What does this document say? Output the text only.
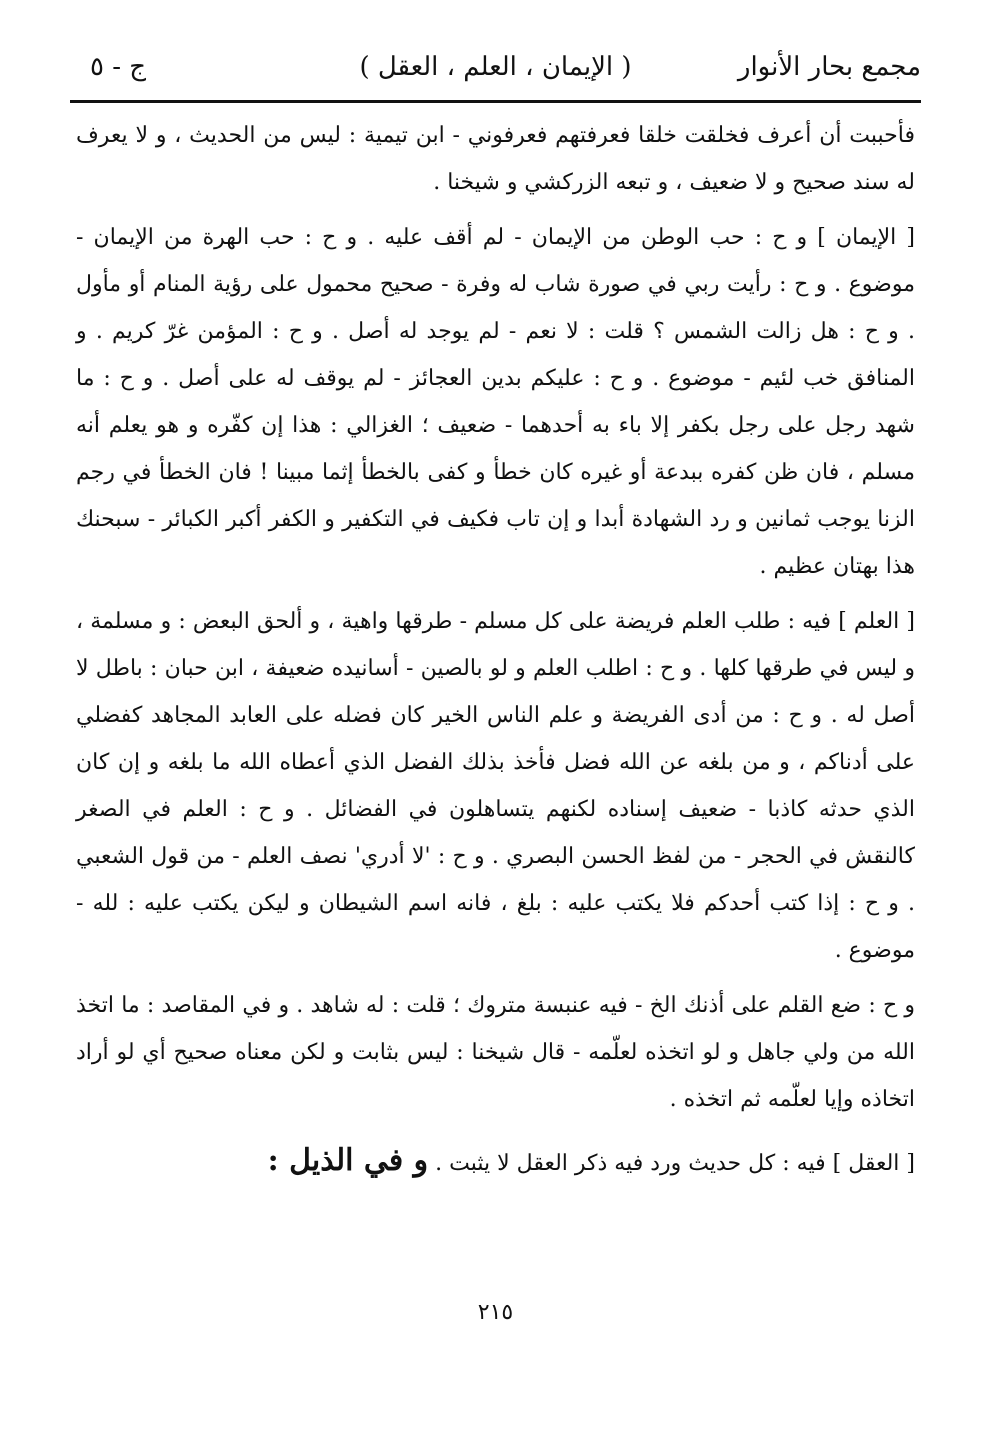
مجمع بحار الأنوار
( الإيمان ، العلم ، العقل )
ج - ٥

فأحببت أن أعرف فخلقت خلقا فعرفتهم فعرفوني - ابن تيمية : ليس من الحديث ، و لا يعرف له سند صحيح و لا ضعيف ، و تبعه الزركشي و شيخنا .

[ الإيمان ] و ح : حب الوطن من الإيمان - لم أقف عليه . و ح : حب الهرة من الإيمان - موضوع . و ح : رأيت ربي في صورة شاب له وفرة - صحيح محمول على رؤية المنام أو مأول . و ح : هل زالت الشمس ؟ قلت : لا نعم - لم يوجد له أصل . و ح : المؤمن غرّ كريم . و المنافق خب لئيم - موضوع . و ح : عليكم بدين العجائز - لم يوقف له على أصل . و ح : ما شهد رجل على رجل بكفر إلا باء به أحدهما - ضعيف ؛ الغزالي : هذا إن كفّره و هو يعلم أنه مسلم ، فان ظن كفره ببدعة أو غيره كان خطأ و كفى بالخطأ إثما مبينا ! فان الخطأ في رجم الزنا يوجب ثمانين و رد الشهادة أبدا و إن تاب فكيف في التكفير و الكفر أكبر الكبائر - سبحنك هذا بهتان عظيم .

[ العلم ] فيه : طلب العلم فريضة على كل مسلم - طرقها واهية ، و ألحق البعض : و مسلمة ، و ليس في طرقها كلها . و ح : اطلب العلم و لو بالصين - أسانيده ضعيفة ، ابن حبان : باطل لا أصل له . و ح : من أدى الفريضة و علم الناس الخير كان فضله على العابد المجاهد كفضلي على أدناكم ، و من بلغه عن الله فضل فأخذ بذلك الفضل الذي أعطاه الله ما بلغه و إن كان الذي حدثه كاذبا - ضعيف إسناده لكنهم يتساهلون في الفضائل . و ح : العلم في الصغر كالنقش في الحجر - من لفظ الحسن البصري . و ح : 'لا أدري' نصف العلم - من قول الشعبي . و ح : إذا كتب أحدكم فلا يكتب عليه : بلغ ، فانه اسم الشيطان و ليكن يكتب عليه : لله - موضوع .

و ح : ضع القلم على أذنك الخ - فيه عنبسة متروك ؛ قلت : له شاهد . و في المقاصد : ما اتخذ الله من ولي جاهل و لو اتخذه لعلّمه - قال شيخنا : ليس بثابت و لكن معناه صحيح أي لو أراد اتخاذه وإيا لعلّمه ثم اتخذه .

[ العقل ] فيه : كل حديث ورد فيه ذكر العقل لا يثبت . و في الذيل :

٢١٥
